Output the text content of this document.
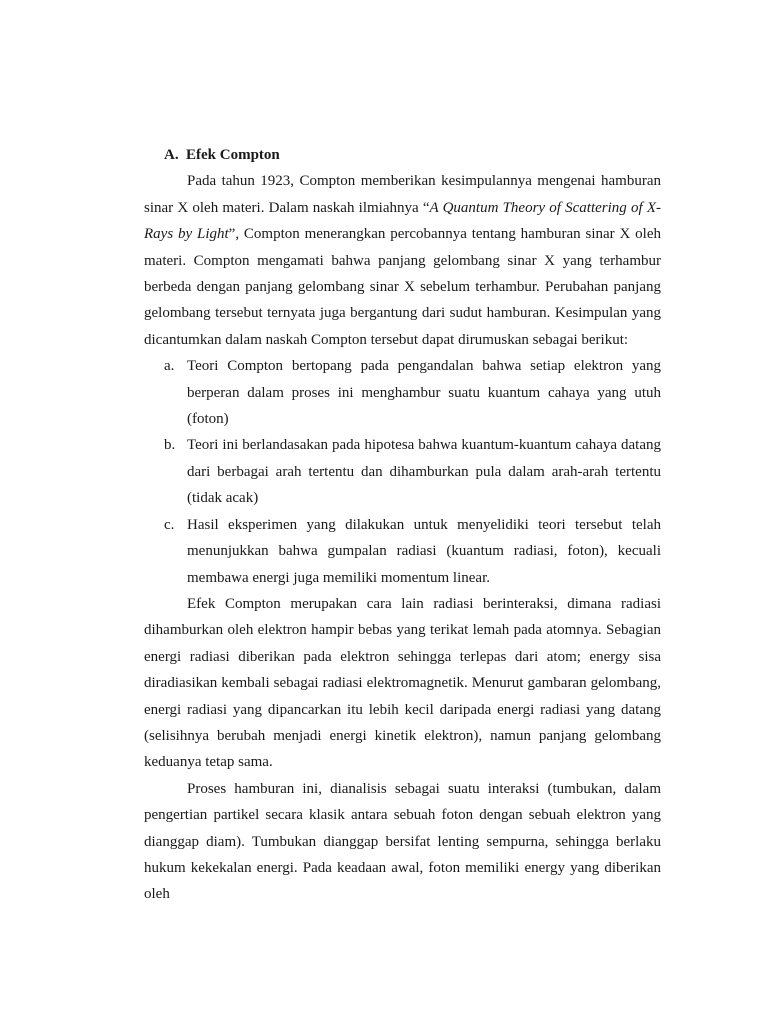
A. Efek Compton

Pada tahun 1923, Compton memberikan kesimpulannya mengenai hamburan sinar X oleh materi. Dalam naskah ilmiahnya “A Quantum Theory of Scattering of X-Rays by Light”, Compton menerangkan percobannya tentang hamburan sinar X oleh materi. Compton mengamati bahwa panjang gelombang sinar X yang terhambur berbeda dengan panjang gelombang sinar X sebelum terhambur. Perubahan panjang gelombang tersebut ternyata juga bergantung dari sudut hamburan. Kesimpulan yang dicantumkan dalam naskah Compton tersebut dapat dirumuskan sebagai berikut:

a. Teori Compton bertopang pada pengandalan bahwa setiap elektron yang berperan dalam proses ini menghambur suatu kuantum cahaya yang utuh (foton)
b. Teori ini berlandasakan pada hipotesa bahwa kuantum-kuantum cahaya datang dari berbagai arah tertentu dan dihamburkan pula dalam arah-arah tertentu (tidak acak)
c. Hasil eksperimen yang dilakukan untuk menyelidiki teori tersebut telah menunjukkan bahwa gumpalan radiasi (kuantum radiasi, foton), kecuali membawa energi juga memiliki momentum linear.

Efek Compton merupakan cara lain radiasi berinteraksi, dimana radiasi dihamburkan oleh elektron hampir bebas yang terikat lemah pada atomnya. Sebagian energi radiasi diberikan pada elektron sehingga terlepas dari atom; energy sisa diradiasikan kembali sebagai radiasi elektromagnetik. Menurut gambaran gelombang, energi radiasi yang dipancarkan itu lebih kecil daripada energi radiasi yang datang (selisihnya berubah menjadi energi kinetik elektron), namun panjang gelombang keduanya tetap sama.

Proses hamburan ini, dianalisis sebagai suatu interaksi (tumbukan, dalam pengertian partikel secara klasik antara sebuah foton dengan sebuah elektron yang dianggap diam). Tumbukan dianggap bersifat lenting sempurna, sehingga berlaku hukum kekekalan energi. Pada keadaan awal, foton memiliki energy yang diberikan oleh
